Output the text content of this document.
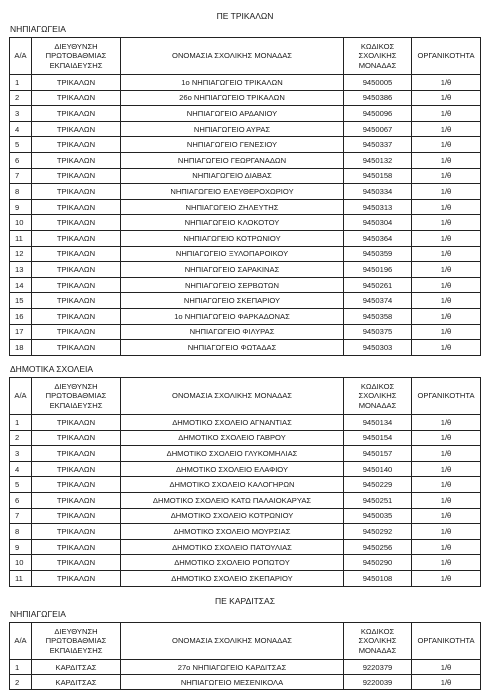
ΠΕ ΤΡΙΚΑΛΩΝ
ΝΗΠΙΑΓΩΓΕΙΑ
Α/Α	ΔΙΕΥΘΥΝΣΗ ΠΡΩΤΟΒΑΘΜΙΑΣ ΕΚΠΑΙΔΕΥΣΗΣ	ΟΝΟΜΑΣΙΑ ΣΧΟΛΙΚΗΣ ΜΟΝΑΔΑΣ	ΚΩΔΙΚΟΣ ΣΧΟΛΙΚΗΣ ΜΟΝΑΔΑΣ	ΟΡΓΑΝΙΚΟΤΗΤΑ
1	ΤΡΙΚΑΛΩΝ	1ο ΝΗΠΙΑΓΩΓΕΙΟ ΤΡΙΚΑΛΩΝ	9450005	1/θ
2	ΤΡΙΚΑΛΩΝ	26ο ΝΗΠΙΑΓΩΓΕΙΟ ΤΡΙΚΑΛΩΝ	9450386	1/θ
3	ΤΡΙΚΑΛΩΝ	ΝΗΠΙΑΓΩΓΕΙΟ ΑΡΔΑΝΙΟΥ	9450096	1/θ
4	ΤΡΙΚΑΛΩΝ	ΝΗΠΙΑΓΩΓΕΙΟ ΑΥΡΑΣ	9450067	1/θ
5	ΤΡΙΚΑΛΩΝ	ΝΗΠΙΑΓΩΓΕΙΟ ΓΕΝΕΣΙΟΥ	9450337	1/θ
6	ΤΡΙΚΑΛΩΝ	ΝΗΠΙΑΓΩΓΕΙΟ ΓΕΩΡΓΑΝΑΔΩΝ	9450132	1/θ
7	ΤΡΙΚΑΛΩΝ	ΝΗΠΙΑΓΩΓΕΙΟ ΔΙΑΒΑΣ	9450158	1/θ
8	ΤΡΙΚΑΛΩΝ	ΝΗΠΙΑΓΩΓΕΙΟ ΕΛΕΥΘΕΡΟΧΩΡΙΟΥ	9450334	1/θ
9	ΤΡΙΚΑΛΩΝ	ΝΗΠΙΑΓΩΓΕΙΟ ΖΗΛΕΥΤΗΣ	9450313	1/θ
10	ΤΡΙΚΑΛΩΝ	ΝΗΠΙΑΓΩΓΕΙΟ ΚΛΟΚΟΤΟΥ	9450304	1/θ
11	ΤΡΙΚΑΛΩΝ	ΝΗΠΙΑΓΩΓΕΙΟ ΚΟΤΡΩΝΙΟΥ	9450364	1/θ
12	ΤΡΙΚΑΛΩΝ	ΝΗΠΙΑΓΩΓΕΙΟ ΞΥΛΟΠΑΡΟΙΚΟΥ	9450359	1/θ
13	ΤΡΙΚΑΛΩΝ	ΝΗΠΙΑΓΩΓΕΙΟ ΣΑΡΑΚΙΝΑΣ	9450196	1/θ
14	ΤΡΙΚΑΛΩΝ	ΝΗΠΙΑΓΩΓΕΙΟ ΣΕΡΒΩΤΩΝ	9450261	1/θ
15	ΤΡΙΚΑΛΩΝ	ΝΗΠΙΑΓΩΓΕΙΟ ΣΚΕΠΑΡΙΟΥ	9450374	1/θ
16	ΤΡΙΚΑΛΩΝ	1ο ΝΗΠΙΑΓΩΓΕΙΟ ΦΑΡΚΑΔΟΝΑΣ	9450358	1/θ
17	ΤΡΙΚΑΛΩΝ	ΝΗΠΙΑΓΩΓΕΙΟ ΦΙΛΥΡΑΣ	9450375	1/θ
18	ΤΡΙΚΑΛΩΝ	ΝΗΠΙΑΓΩΓΕΙΟ ΦΩΤΑΔΑΣ	9450303	1/θ
ΔΗΜΟΤΙΚΑ ΣΧΟΛΕΙΑ
Α/Α	ΔΙΕΥΘΥΝΣΗ ΠΡΩΤΟΒΑΘΜΙΑΣ ΕΚΠΑΙΔΕΥΣΗΣ	ΟΝΟΜΑΣΙΑ ΣΧΟΛΙΚΗΣ ΜΟΝΑΔΑΣ	ΚΩΔΙΚΟΣ ΣΧΟΛΙΚΗΣ ΜΟΝΑΔΑΣ	ΟΡΓΑΝΙΚΟΤΗΤΑ
1	ΤΡΙΚΑΛΩΝ	ΔΗΜΟΤΙΚΟ ΣΧΟΛΕΙΟ ΑΓΝΑΝΤΙΑΣ	9450134	1/θ
2	ΤΡΙΚΑΛΩΝ	ΔΗΜΟΤΙΚΟ ΣΧΟΛΕΙΟ ΓΑΒΡΟΥ	9450154	1/θ
3	ΤΡΙΚΑΛΩΝ	ΔΗΜΟΤΙΚΟ ΣΧΟΛΕΙΟ ΓΛΥΚΟΜΗΛΙΑΣ	9450157	1/θ
4	ΤΡΙΚΑΛΩΝ	ΔΗΜΟΤΙΚΟ ΣΧΟΛΕΙΟ ΕΛΑΦΙΟΥ	9450140	1/θ
5	ΤΡΙΚΑΛΩΝ	ΔΗΜΟΤΙΚΟ ΣΧΟΛΕΙΟ ΚΑΛΟΓΗΡΩΝ	9450229	1/θ
6	ΤΡΙΚΑΛΩΝ	ΔΗΜΟΤΙΚΟ ΣΧΟΛΕΙΟ ΚΑΤΩ ΠΑΛΑΙΟΚΑΡΥΑΣ	9450251	1/θ
7	ΤΡΙΚΑΛΩΝ	ΔΗΜΟΤΙΚΟ ΣΧΟΛΕΙΟ ΚΟΤΡΩΝΙΟΥ	9450035	1/θ
8	ΤΡΙΚΑΛΩΝ	ΔΗΜΟΤΙΚΟ ΣΧΟΛΕΙΟ ΜΟΥΡΣΙΑΣ	9450292	1/θ
9	ΤΡΙΚΑΛΩΝ	ΔΗΜΟΤΙΚΟ ΣΧΟΛΕΙΟ ΠΑΤΟΥΛΙΑΣ	9450256	1/θ
10	ΤΡΙΚΑΛΩΝ	ΔΗΜΟΤΙΚΟ ΣΧΟΛΕΙΟ ΡΟΠΩΤΟΥ	9450290	1/θ
11	ΤΡΙΚΑΛΩΝ	ΔΗΜΟΤΙΚΟ ΣΧΟΛΕΙΟ ΣΚΕΠΑΡΙΟΥ	9450108	1/θ
ΠΕ ΚΑΡΔΙΤΣΑΣ
ΝΗΠΙΑΓΩΓΕΙΑ
Α/Α	ΔΙΕΥΘΥΝΣΗ ΠΡΩΤΟΒΑΘΜΙΑΣ ΕΚΠΑΙΔΕΥΣΗΣ	ΟΝΟΜΑΣΙΑ ΣΧΟΛΙΚΗΣ ΜΟΝΑΔΑΣ	ΚΩΔΙΚΟΣ ΣΧΟΛΙΚΗΣ ΜΟΝΑΔΑΣ	ΟΡΓΑΝΙΚΟΤΗΤΑ
1	ΚΑΡΔΙΤΣΑΣ	27ο ΝΗΠΙΑΓΩΓΕΙΟ ΚΑΡΔΙΤΣΑΣ	9220379	1/θ
2	ΚΑΡΔΙΤΣΑΣ	ΝΗΠΙΑΓΩΓΕΙΟ ΜΕΣΕΝΙΚΟΛΑ	9220039	1/θ
